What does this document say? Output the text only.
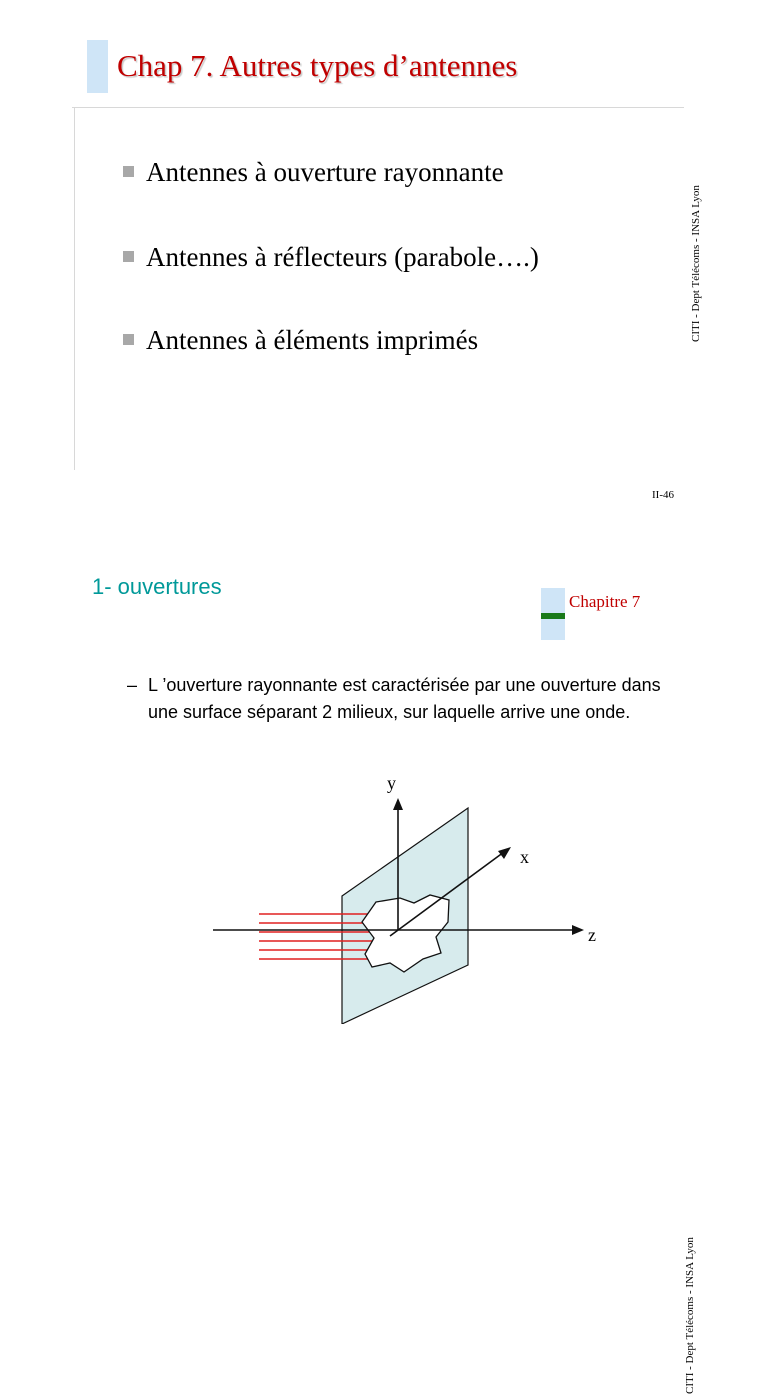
Chap 7. Autres types d’antennes
Antennes à ouverture rayonnante
Antennes à réflecteurs (parabole….)
Antennes à éléments imprimés	CITI - Dept Télécoms - INSA Lyon
II-46
1- ouvertures
Chapitre 7
– L ’ouverture rayonnante est caractérisée par une ouverture dans une surface séparant 2 milieux, sur laquelle arrive une onde.
CITI - Dept Télécoms - INSA Lyon
y
x
z
